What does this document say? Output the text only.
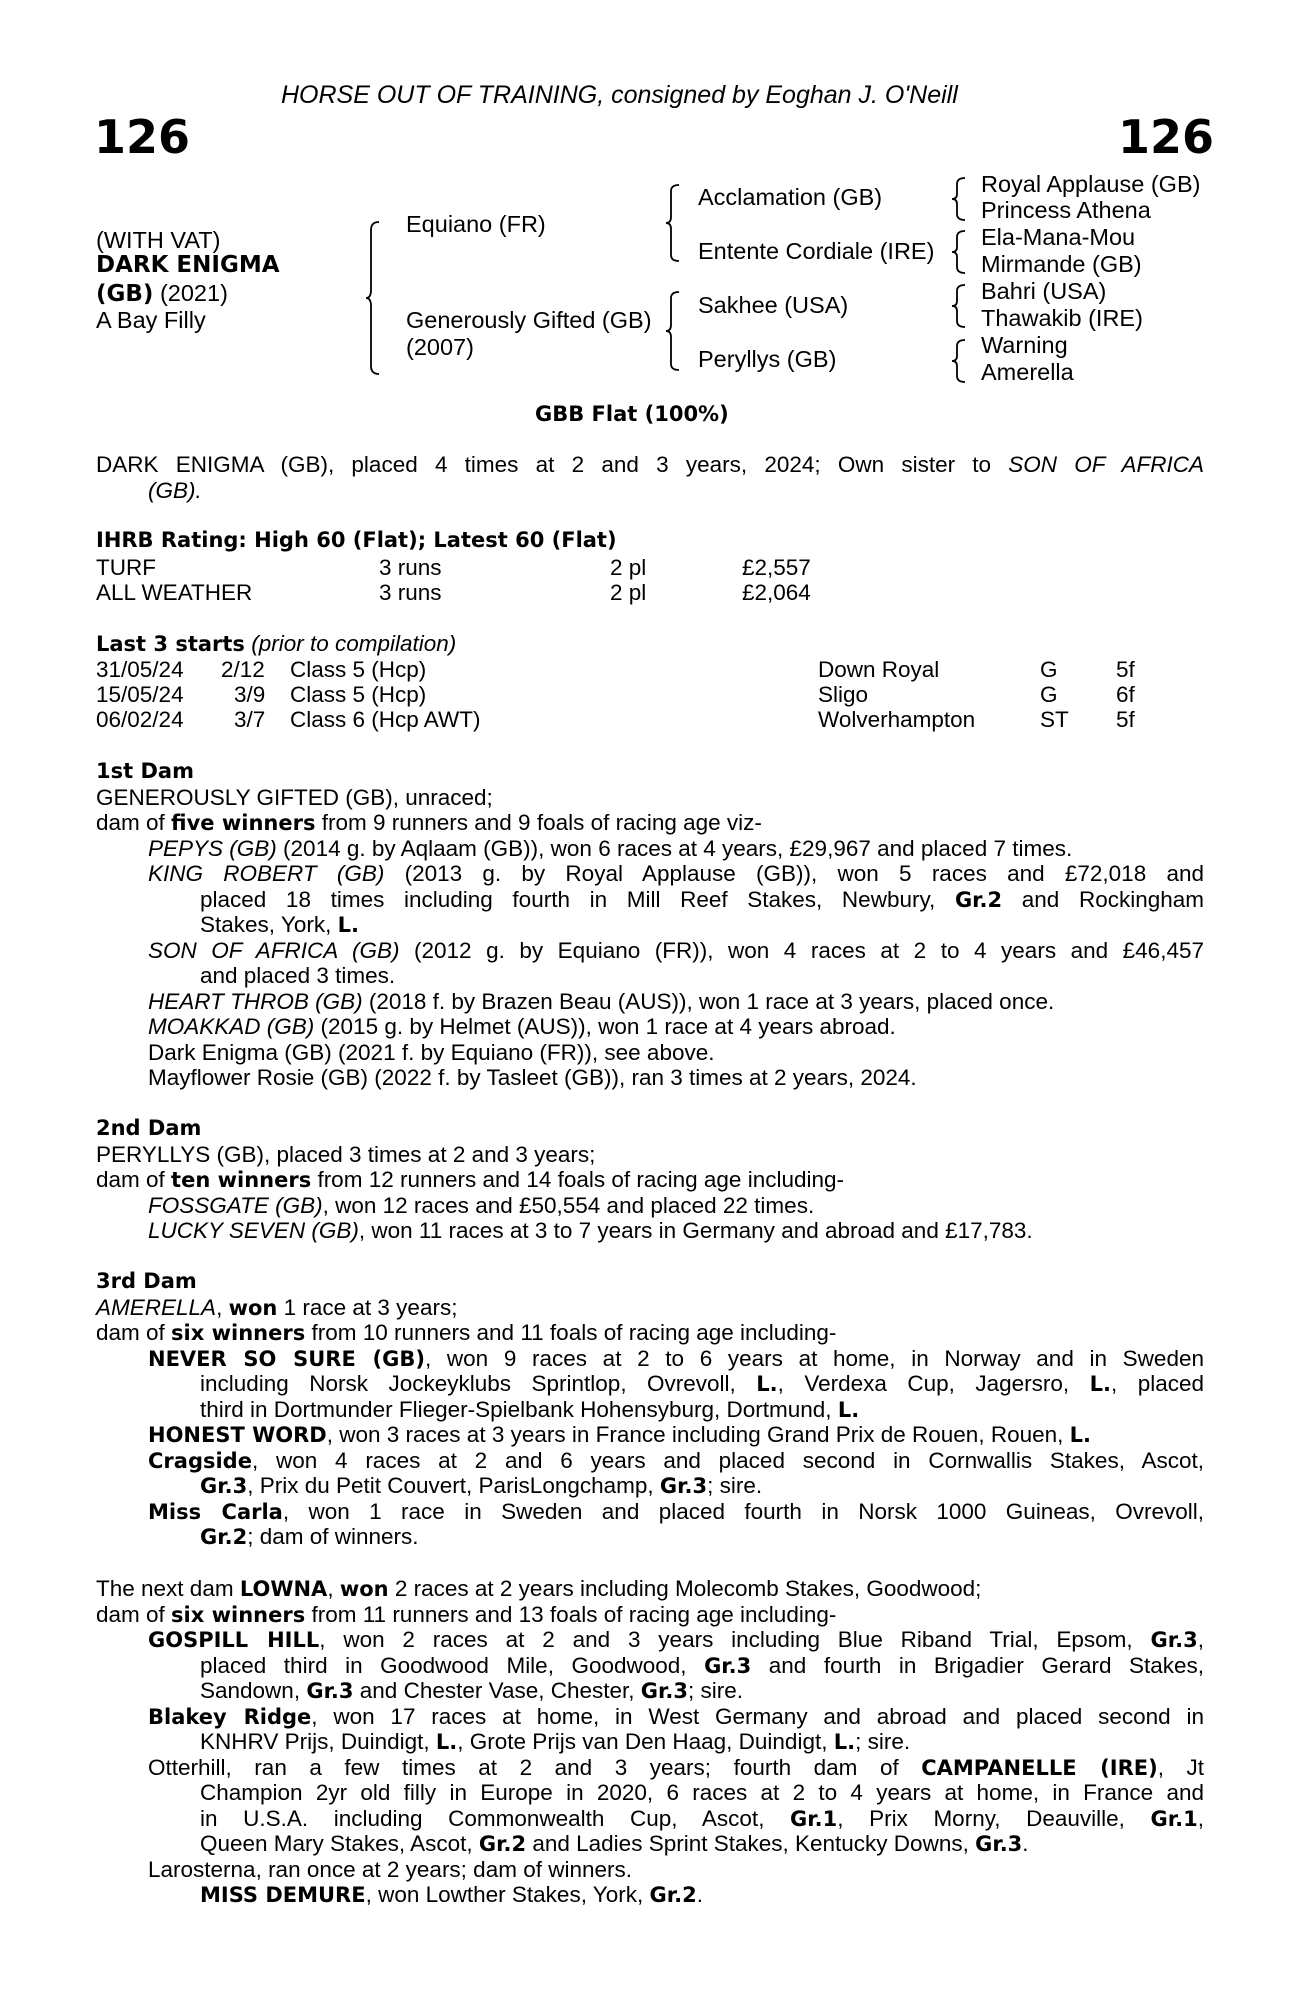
HORSE OUT OF TRAINING, consigned by Eoghan J. O'Neill
126	126
(WITH VAT)
DARK ENIGMA
(GB) (2021)
A Bay Filly
Equiano (FR)
Generously Gifted (GB)
(2007)
Acclamation (GB)
Entente Cordiale (IRE)
Sakhee (USA)
Peryllys (GB)
Royal Applause (GB)
Princess Athena
Ela-Mana-Mou
Mirmande (GB)
Bahri (USA)
Thawakib (IRE)
Warning
Amerella
GBB Flat (100%)
DARK ENIGMA (GB), placed 4 times at 2 and 3 years, 2024; Own sister to SON OF AFRICA
(GB).
IHRB Rating: High 60 (Flat); Latest 60 (Flat)
TURF	3 runs	2 pl	£2,557
ALL WEATHER	3 runs	2 pl	£2,064
Last 3 starts (prior to compilation)
31/05/24 2/12 Class 5 (Hcp)	Down Royal	G	5f
15/05/24 3/9 Class 5 (Hcp)	Sligo	G	6f
06/02/24 3/7 Class 6 (Hcp AWT)	Wolverhampton	ST 5f
1st Dam
GENEROUSLY GIFTED (GB), unraced;
dam of five winners from 9 runners and 9 foals of racing age viz-
PEPYS (GB) (2014 g. by Aqlaam (GB)), won 6 races at 4 years, £29,967 and placed 7 times.
KING ROBERT (GB) (2013 g. by Royal Applause (GB)), won 5 races and £72,018 and
placed 18 times including fourth in Mill Reef Stakes, Newbury, Gr.2 and Rockingham
Stakes, York, L.
SON OF AFRICA (GB) (2012 g. by Equiano (FR)), won 4 races at 2 to 4 years and £46,457
and placed 3 times.
HEART THROB (GB) (2018 f. by Brazen Beau (AUS)), won 1 race at 3 years, placed once.
MOAKKAD (GB) (2015 g. by Helmet (AUS)), won 1 race at 4 years abroad.
Dark Enigma (GB) (2021 f. by Equiano (FR)), see above.
Mayflower Rosie (GB) (2022 f. by Tasleet (GB)), ran 3 times at 2 years, 2024.
2nd Dam
PERYLLYS (GB), placed 3 times at 2 and 3 years;
dam of ten winners from 12 runners and 14 foals of racing age including-
FOSSGATE (GB), won 12 races and £50,554 and placed 22 times.
LUCKY SEVEN (GB), won 11 races at 3 to 7 years in Germany and abroad and £17,783.
3rd Dam
AMERELLA, won 1 race at 3 years;
dam of six winners from 10 runners and 11 foals of racing age including-
NEVER SO SURE (GB), won 9 races at 2 to 6 years at home, in Norway and in Sweden
including Norsk Jockeyklubs Sprintlop, Ovrevoll, L., Verdexa Cup, Jagersro, L., placed
third in Dortmunder Flieger-Spielbank Hohensyburg, Dortmund, L.
HONEST WORD, won 3 races at 3 years in France including Grand Prix de Rouen, Rouen, L.
Cragside, won 4 races at 2 and 6 years and placed second in Cornwallis Stakes, Ascot,
Gr.3, Prix du Petit Couvert, ParisLongchamp, Gr.3; sire.
Miss Carla, won 1 race in Sweden and placed fourth in Norsk 1000 Guineas, Ovrevoll,
Gr.2; dam of winners.
The next dam LOWNA, won 2 races at 2 years including Molecomb Stakes, Goodwood;
dam of six winners from 11 runners and 13 foals of racing age including-
GOSPILL HILL, won 2 races at 2 and 3 years including Blue Riband Trial, Epsom, Gr.3,
placed third in Goodwood Mile, Goodwood, Gr.3 and fourth in Brigadier Gerard Stakes,
Sandown, Gr.3 and Chester Vase, Chester, Gr.3; sire.
Blakey Ridge, won 17 races at home, in West Germany and abroad and placed second in
KNHRV Prijs, Duindigt, L., Grote Prijs van Den Haag, Duindigt, L.; sire.
Otterhill, ran a few times at 2 and 3 years; fourth dam of CAMPANELLE (IRE), Jt
Champion 2yr old filly in Europe in 2020, 6 races at 2 to 4 years at home, in France and
in U.S.A. including Commonwealth Cup, Ascot, Gr.1, Prix Morny, Deauville, Gr.1,
Queen Mary Stakes, Ascot, Gr.2 and Ladies Sprint Stakes, Kentucky Downs, Gr.3.
Larosterna, ran once at 2 years; dam of winners.
MISS DEMURE, won Lowther Stakes, York, Gr.2.
